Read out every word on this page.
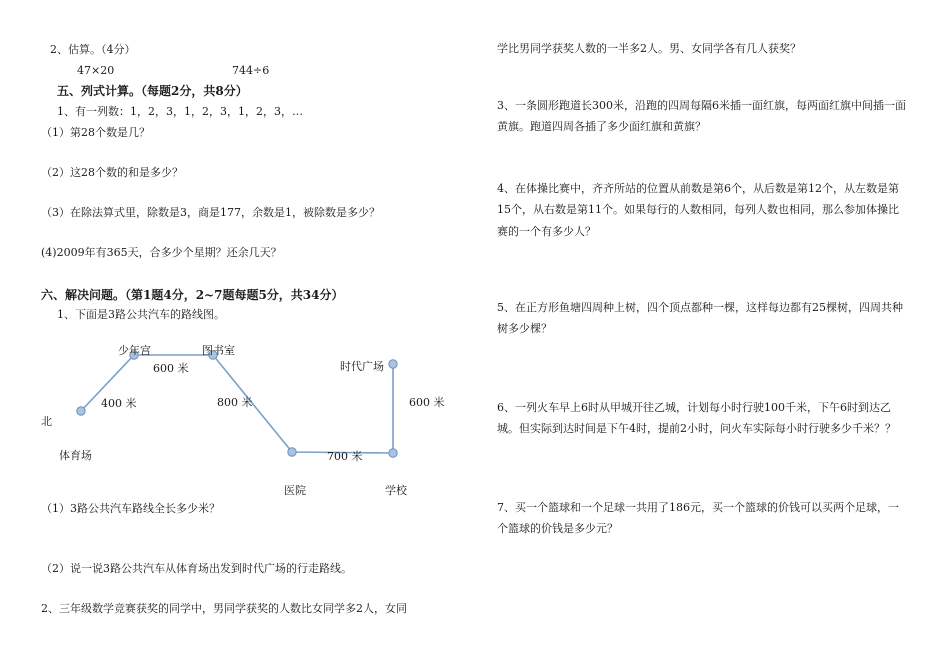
2、估算。（4分）
47×20	744÷6
五、列式计算。（每题2分，共8分）
1、有一列数：1，2，3，1，2，3，1，2，3，…
（1）第28个数是几？
（2）这28个数的和是多少？
（3）在除法算式里，除数是3，商是177，余数是1，被除数是多少？
(4)2009年有365天，合多少个星期？还余几天？
六、解决问题。（第1题4分，2~7题每题5分，共34分）
1、下面是3路公共汽车的路线图。
北
体育场
少年宫	图书室
医院	学校
时代广场
400 米
600 米
800 米
700 米
600 米
（1）3路公共汽车路线全长多少米？
（2）说一说3路公共汽车从体育场出发到时代广场的行走路线。
2、三年级数学竞赛获奖的同学中，男同学获奖的人数比女同学多2人，女同
学比男同学获奖人数的一半多2人。男、女同学各有几人获奖？
3、一条圆形跑道长300米，沿跑的四周每隔6米插一面红旗，每两面红旗中间插一面黄旗。跑道四周各插了多少面红旗和黄旗？
4、在体操比赛中，齐齐所站的位置从前数是第6个，从后数是第12个，从左数是第15个，从右数是第11个。如果每行的人数相同，每列人数也相同，那么参加体操比赛的一个有多少人？
5、在正方形鱼塘四周种上树，四个顶点都种一棵，这样每边都有25棵树，四周共种树多少棵？
6、一列火车早上6时从甲城开往乙城，计划每小时行驶100千米，下午6时到达乙城。但实际到达时间是下午4时，提前2小时，问火车实际每小时行驶多少千米？？
7、买一个篮球和一个足球一共用了186元，买一个篮球的价钱可以买两个足球，一个篮球的价钱是多少元？
